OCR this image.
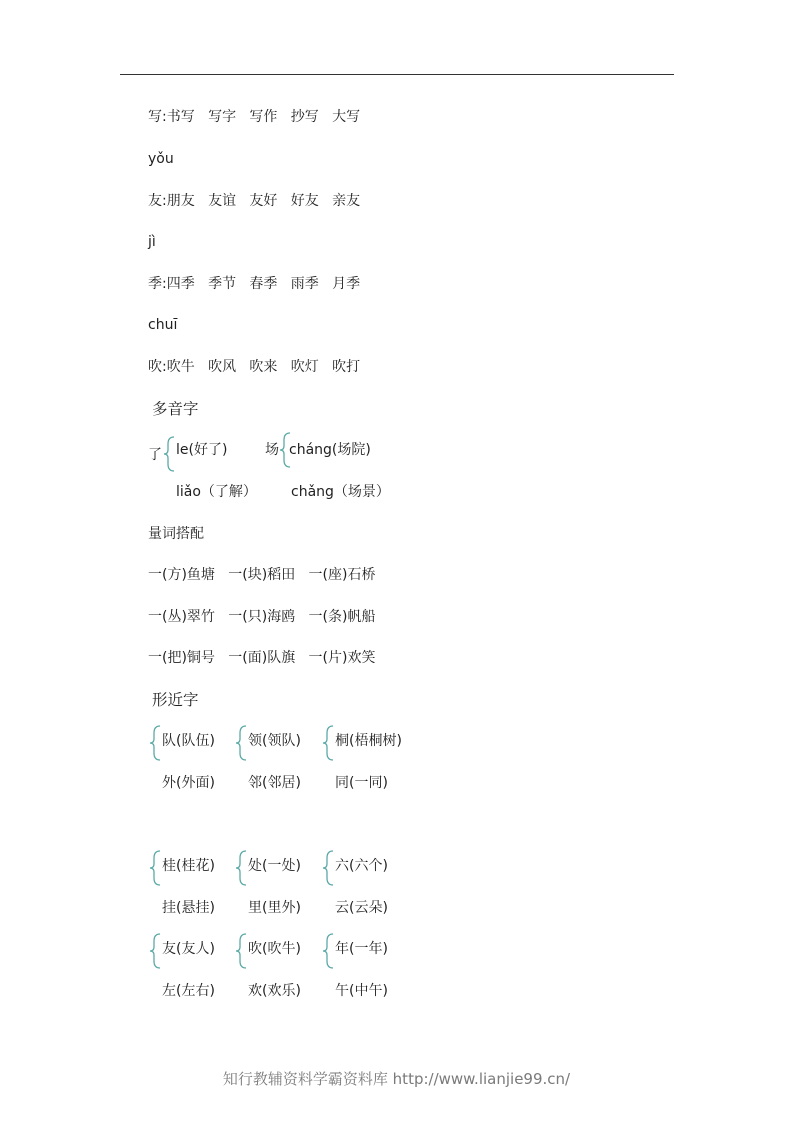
写:书写   写字   写作   抄写   大写
yǒu
友:朋友   友谊   友好   好友   亲友
jì
季:四季   季节   春季   雨季   月季
chuī
吹:吹牛   吹风   吹来   吹灯   吹打
多音字
了 le(好了)
liǎo（了解）
场 cháng(场院)
chǎng（场景）
量词搭配
一(方)鱼塘   一(块)稻田   一(座)石桥
一(丛)翠竹   一(只)海鸥   一(条)帆船
一(把)铜号   一(面)队旗   一(片)欢笑
形近字
队(队伍)
外(外面)
领(领队)
邻(邻居)
桐(梧桐树)
同(一同)
桂(桂花)
挂(悬挂)
处(一处)
里(里外)
六(六个)
云(云朵)
友(友人)
左(左右)
吹(吹牛)
欢(欢乐)
年(一年)
午(中午)
知行教辅资料学霸资料库 http://www.lianjie99.cn/
